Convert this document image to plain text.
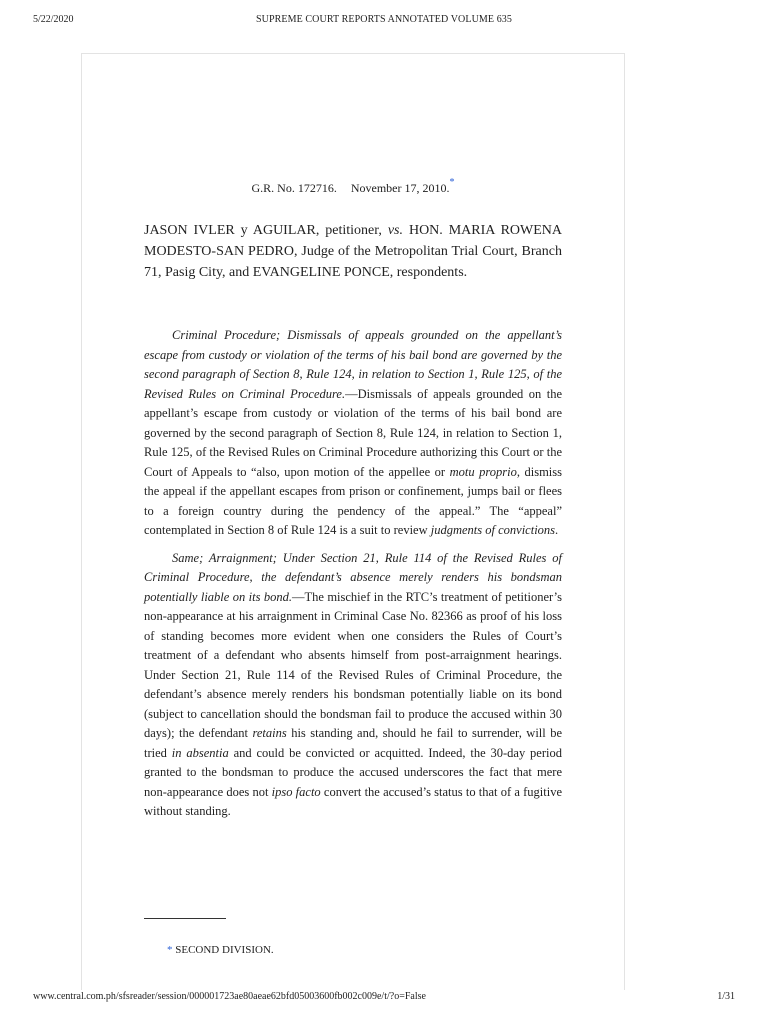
5/22/2020	SUPREME COURT REPORTS ANNOTATED VOLUME 635
G.R. No. 172716. November 17, 2010.*
JASON IVLER y AGUILAR, petitioner, vs. HON. MARIA ROWENA MODESTO-SAN PEDRO, Judge of the Metropolitan Trial Court, Branch 71, Pasig City, and EVANGELINE PONCE, respondents.

Criminal Procedure; Dismissals of appeals grounded on the appellant’s escape from custody or violation of the terms of his bail bond are governed by the second paragraph of Section 8, Rule 124, in relation to Section 1, Rule 125, of the Revised Rules on Criminal Procedure.—Dismissals of appeals grounded on the appellant’s escape from custody or violation of the terms of his bail bond are governed by the second paragraph of Section 8, Rule 124, in relation to Section 1, Rule 125, of the Revised Rules on Criminal Procedure authorizing this Court or the Court of Appeals to “also, upon motion of the appellee or motu proprio, dismiss the appeal if the appellant escapes from prison or confinement, jumps bail or flees to a foreign country during the pendency of the appeal.” The “appeal” contemplated in Section 8 of Rule 124 is a suit to review judgments of convictions.

Same; Arraignment; Under Section 21, Rule 114 of the Revised Rules of Criminal Procedure, the defendant’s absence merely renders his bondsman potentially liable on its bond.—The mischief in the RTC’s treatment of petitioner’s non-appearance at his arraignment in Criminal Case No. 82366 as proof of his loss of standing becomes more evident when one considers the Rules of Court’s treatment of a defendant who absents himself from post-arraignment hearings. Under Section 21, Rule 114 of the Revised Rules of Criminal Procedure, the defendant’s absence merely renders his bondsman potentially liable on its bond (subject to cancellation should the bondsman fail to produce the accused within 30 days); the defendant retains his standing and, should he fail to surrender, will be tried in absentia and could be convicted or acquitted. Indeed, the 30-day period granted to the bondsman to produce the accused underscores the fact that mere non-appearance does not ipso facto convert the accused’s status to that of a fugitive without standing.

* SECOND DIVISION.
www.central.com.ph/sfsreader/session/000001723ae80aeae62bfd05003600fb002c009e/t/?o=False	1/31
